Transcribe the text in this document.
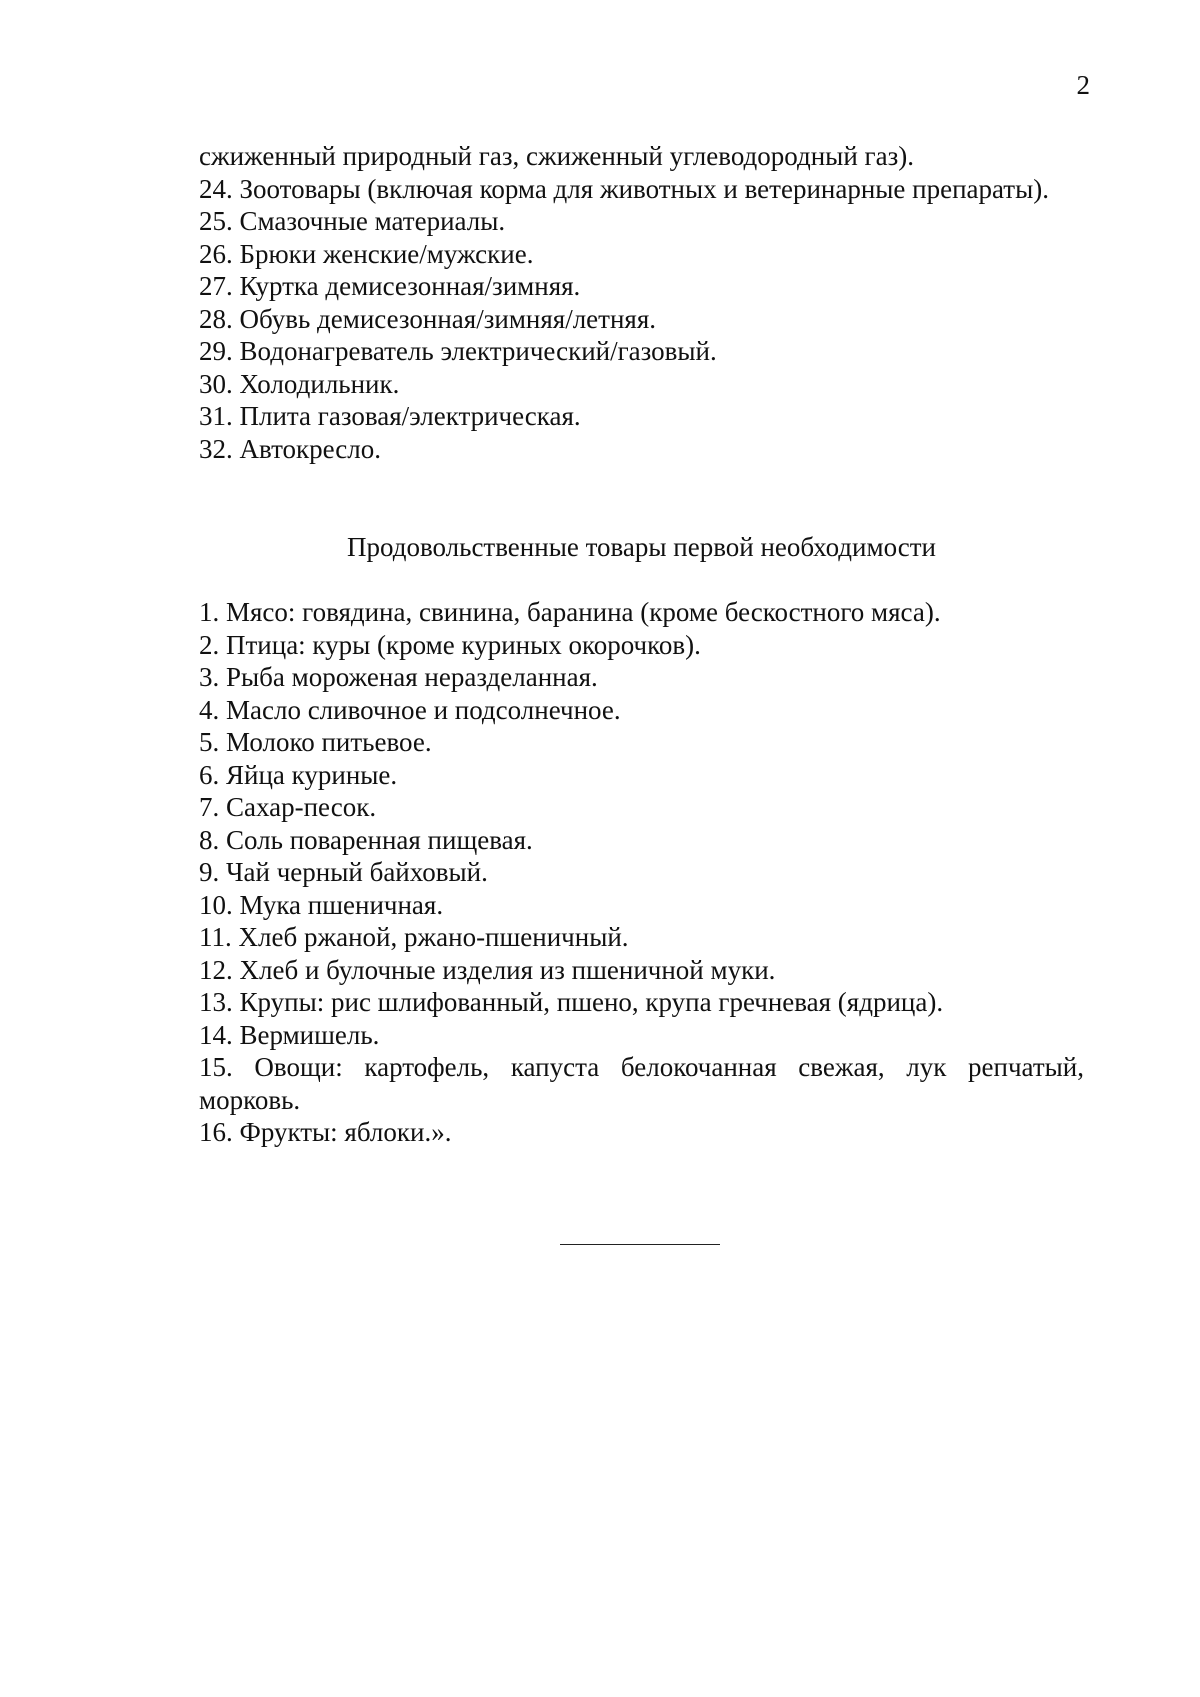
2
сжиженный природный газ, сжиженный углеводородный газ).
24. Зоотовары (включая корма для животных и ветеринарные препараты).
25. Смазочные материалы.
26. Брюки женские/мужские.
27. Куртка демисезонная/зимняя.
28. Обувь демисезонная/зимняя/летняя.
29. Водонагреватель электрический/газовый.
30. Холодильник.
31. Плита газовая/электрическая.
32. Автокресло.
Продовольственные товары первой необходимости
1. Мясо: говядина, свинина, баранина (кроме бескостного мяса).
2. Птица: куры (кроме куриных окорочков).
3. Рыба мороженая неразделанная.
4. Масло сливочное и подсолнечное.
5. Молоко питьевое.
6. Яйца куриные.
7. Сахар-песок.
8. Соль поваренная пищевая.
9. Чай черный байховый.
10. Мука пшеничная.
11. Хлеб ржаной, ржано-пшеничный.
12. Хлеб и булочные изделия из пшеничной муки.
13. Крупы: рис шлифованный, пшено, крупа гречневая (ядрица).
14. Вермишель.
15. Овощи: картофель, капуста белокочанная свежая, лук репчатый, морковь.
16. Фрукты: яблоки.».
